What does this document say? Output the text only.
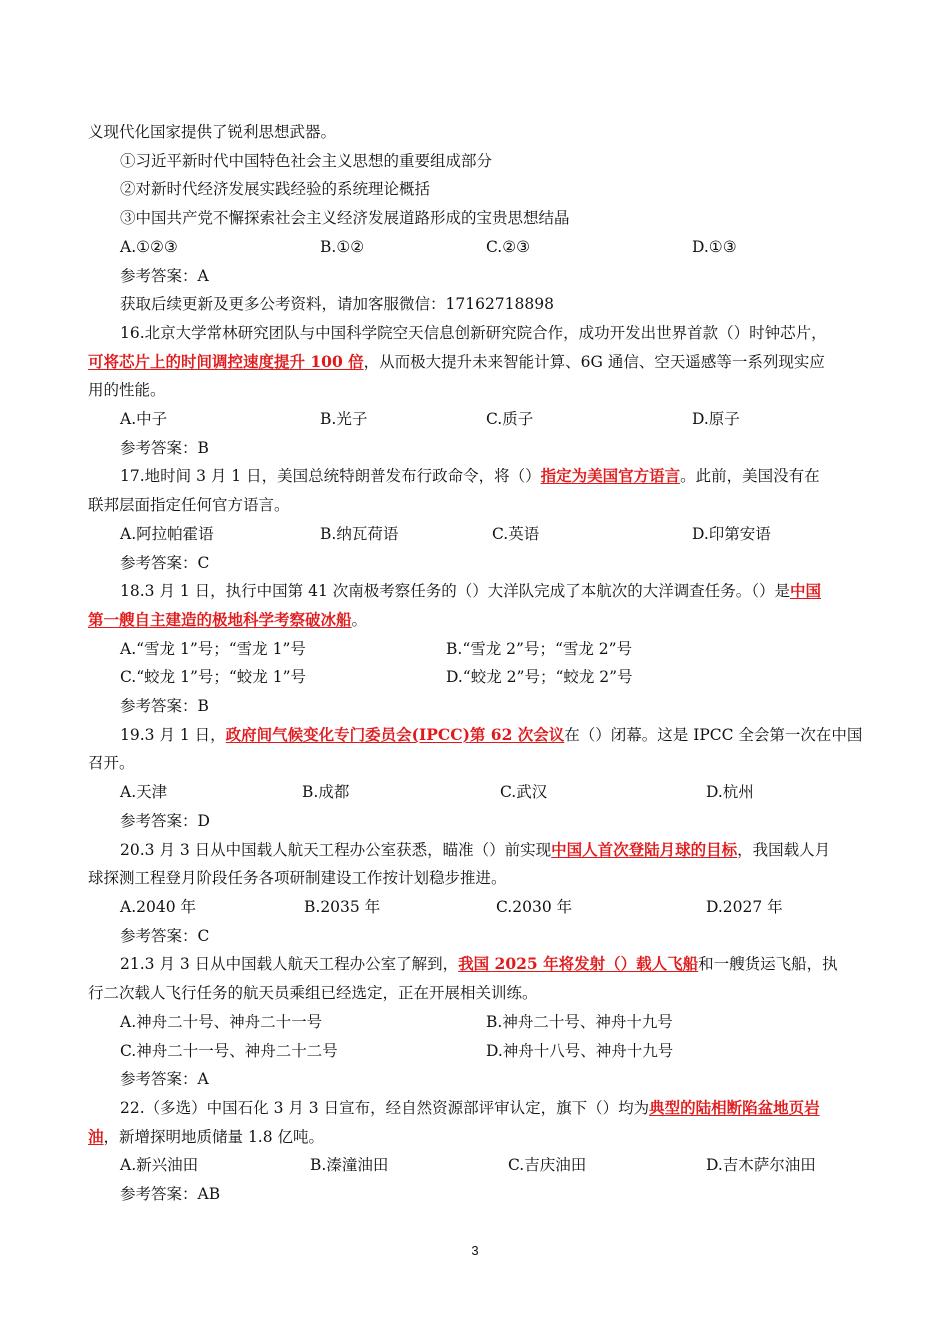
义现代化国家提供了锐利思想武器。
①习近平新时代中国特色社会主义思想的重要组成部分
②对新时代经济发展实践经验的系统理论概括
③中国共产党不懈探索社会主义经济发展道路形成的宝贵思想结晶
A.①②③	B.①②	C.②③	D.①③
参考答案：A
获取后续更新及更多公考资料，请加客服微信：17162718898
16.北京大学常林研究团队与中国科学院空天信息创新研究院合作，成功开发出世界首款（）时钟芯片，
可将芯片上的时间调控速度提升 100 倍，从而极大提升未来智能计算、6G 通信、空天遥感等一系列现实应
用的性能。
A.中子	B.光子	C.质子	D.原子
参考答案：B
17.地时间 3 月 1 日，美国总统特朗普发布行政命令，将（）指定为美国官方语言。此前，美国没有在
联邦层面指定任何官方语言。
A.阿拉帕霍语	B.纳瓦荷语	C.英语	D.印第安语
参考答案：C
18.3 月 1 日，执行中国第 41 次南极考察任务的（）大洋队完成了本航次的大洋调查任务。（）是中国
第一艘自主建造的极地科学考察破冰船。
A.“雪龙 1”号；“雪龙 1”号	B.“雪龙 2”号；“雪龙 2”号
C.“蛟龙 1”号；“蛟龙 1”号	D.“蛟龙 2”号；“蛟龙 2”号
参考答案：B
19.3 月 1 日，政府间气候变化专门委员会(IPCC)第 62 次会议在（）闭幕。这是 IPCC 全会第一次在中国
召开。
A.天津	B.成都	C.武汉	D.杭州
参考答案：D
20.3 月 3 日从中国载人航天工程办公室获悉，瞄准（）前实现中国人首次登陆月球的目标，我国载人月
球探测工程登月阶段任务各项研制建设工作按计划稳步推进。
A.2040 年	B.2035 年	C.2030 年	D.2027 年
参考答案：C
21.3 月 3 日从中国载人航天工程办公室了解到，我国 2025 年将发射（）载人飞船和一艘货运飞船，执
行二次载人飞行任务的航天员乘组已经选定，正在开展相关训练。
A.神舟二十号、神舟二十一号	B.神舟二十号、神舟十九号
C.神舟二十一号、神舟二十二号	D.神舟十八号、神舟十九号
参考答案：A
22.（多选）中国石化 3 月 3 日宣布，经自然资源部评审认定，旗下（）均为典型的陆相断陷盆地页岩
油，新增探明地质储量 1.8 亿吨。
A.新兴油田	B.溱潼油田	C.吉庆油田	D.吉木萨尔油田
参考答案：AB
3
